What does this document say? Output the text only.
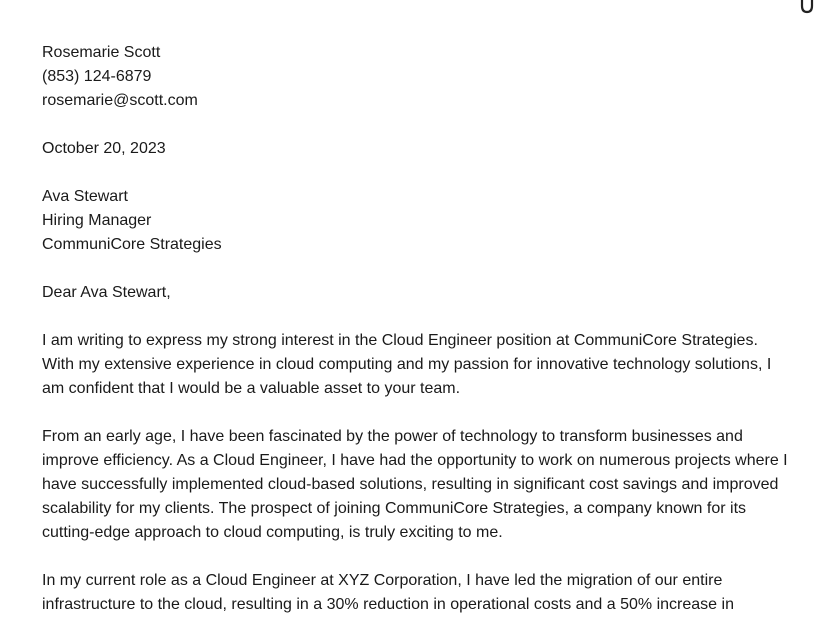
Rosemarie Scott
(853) 124-6879
rosemarie@scott.com
October 20, 2023
Ava Stewart
Hiring Manager
CommuniCore Strategies
Dear Ava Stewart,
I am writing to express my strong interest in the Cloud Engineer position at CommuniCore Strategies.
With my extensive experience in cloud computing and my passion for innovative technology solutions, I
am confident that I would be a valuable asset to your team.
From an early age, I have been fascinated by the power of technology to transform businesses and
improve efficiency. As a Cloud Engineer, I have had the opportunity to work on numerous projects where I
have successfully implemented cloud-based solutions, resulting in significant cost savings and improved
scalability for my clients. The prospect of joining CommuniCore Strategies, a company known for its
cutting-edge approach to cloud computing, is truly exciting to me.
In my current role as a Cloud Engineer at XYZ Corporation, I have led the migration of our entire
infrastructure to the cloud, resulting in a 30% reduction in operational costs and a 50% increase in
